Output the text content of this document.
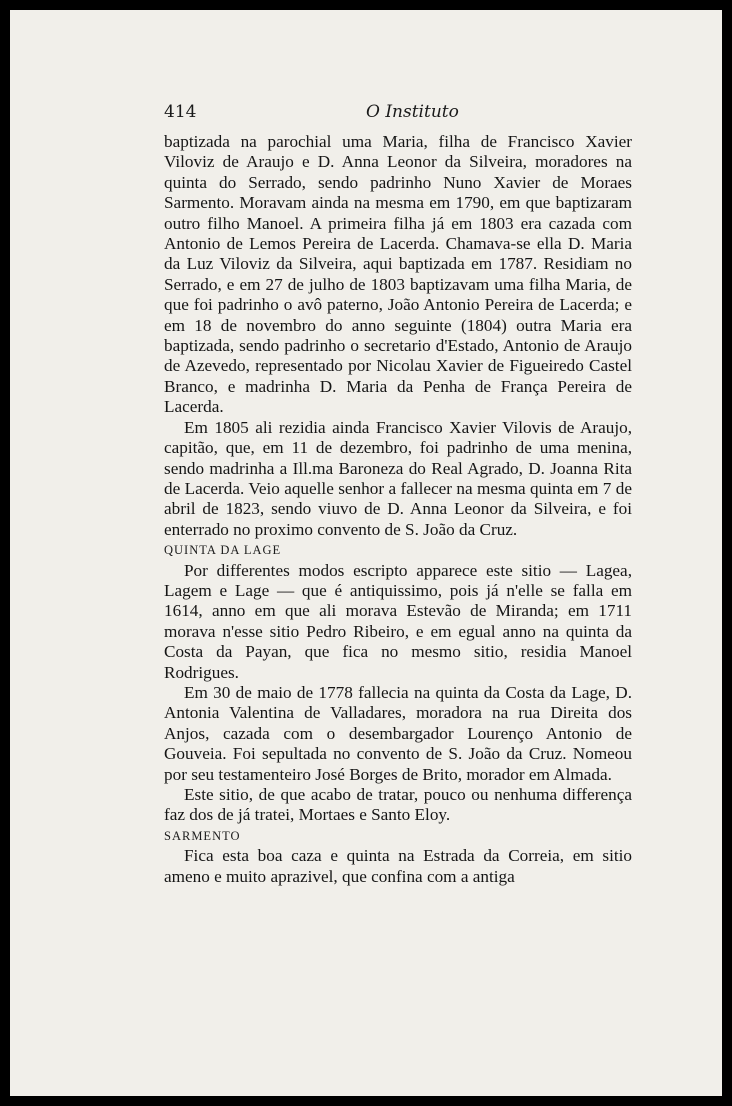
414	O Instituto

baptizada na parochial uma Maria, filha de Francisco Xavier Viloviz de Araujo e D. Anna Leonor da Silveira, moradores na quinta do Serrado, sendo padrinho Nuno Xavier de Moraes Sarmento. Moravam ainda na mesma em 1790, em que baptizaram outro filho Manoel. A primeira filha já em 1803 era cazada com Antonio de Lemos Pereira de Lacerda. Chamava-se ella D. Maria da Luz Viloviz da Silveira, aqui baptizada em 1787. Residiam no Serrado, e em 27 de julho de 1803 baptizavam uma filha Maria, de que foi padrinho o avô paterno, João Antonio Pereira de Lacerda; e em 18 de novembro do anno seguinte (1804) outra Maria era baptizada, sendo padrinho o secretario d'Estado, Antonio de Araujo de Azevedo, representado por Nicolau Xavier de Figueiredo Castel Branco, e madrinha D. Maria da Penha de França Pereira de Lacerda.

Em 1805 ali rezidia ainda Francisco Xavier Vilovis de Araujo, capitão, que, em 11 de dezembro, foi padrinho de uma menina, sendo madrinha a Ill.ma Baroneza do Real Agrado, D. Joanna Rita de Lacerda. Veio aquelle senhor a fallecer na mesma quinta em 7 de abril de 1823, sendo viuvo de D. Anna Leonor da Silveira, e foi enterrado no proximo convento de S. João da Cruz.

QUINTA DA LAGE

Por differentes modos escripto apparece este sitio — Lagea, Lagem e Lage — que é antiquissimo, pois já n'elle se falla em 1614, anno em que ali morava Estevão de Miranda; em 1711 morava n'esse sitio Pedro Ribeiro, e em egual anno na quinta da Costa da Payan, que fica no mesmo sitio, residia Manoel Rodrigues.

Em 30 de maio de 1778 fallecia na quinta da Costa da Lage, D. Antonia Valentina de Valladares, moradora na rua Direita dos Anjos, cazada com o desembargador Lourenço Antonio de Gouveia. Foi sepultada no convento de S. João da Cruz. Nomeou por seu testamenteiro José Borges de Brito, morador em Almada.

Este sitio, de que acabo de tratar, pouco ou nenhuma differença faz dos de já tratei, Mortaes e Santo Eloy.

SARMENTO

Fica esta boa caza e quinta na Estrada da Correia, em sitio ameno e muito aprazivel, que confina com a antiga
